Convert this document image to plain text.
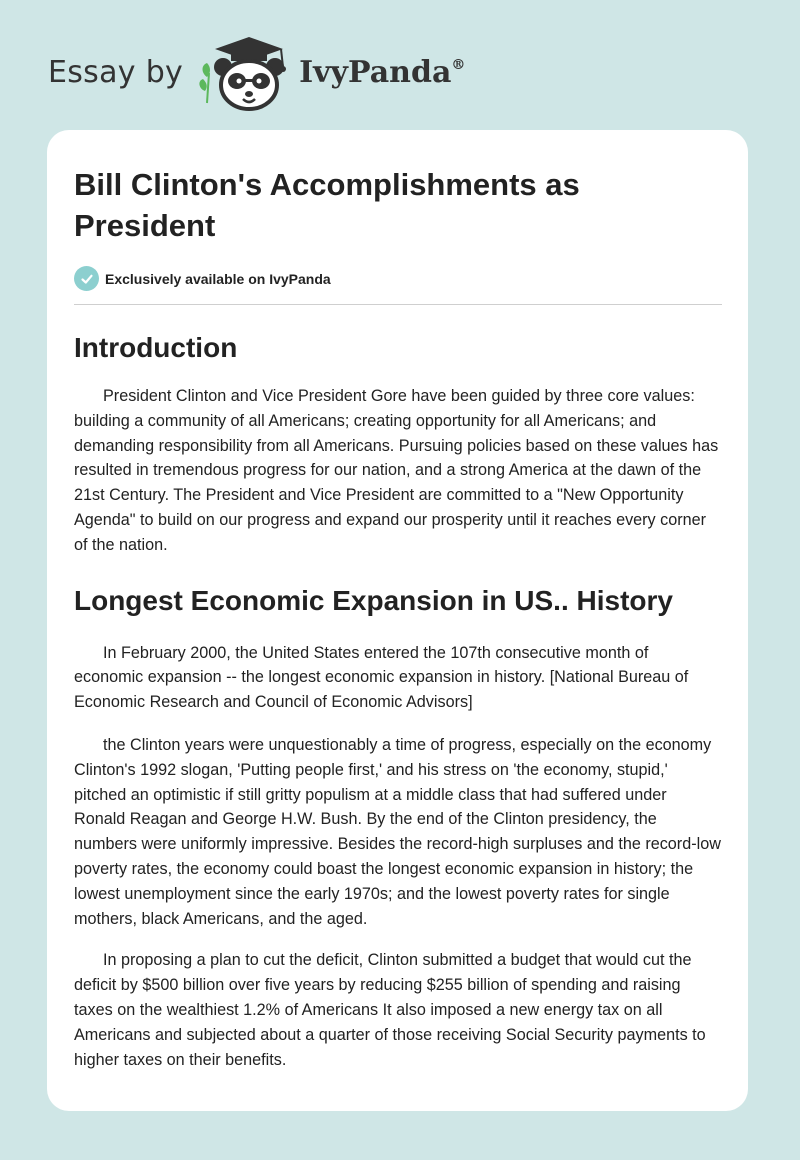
Essay by	IvyPanda®
Bill Clinton's Accomplishments as President
Exclusively available on IvyPanda
Introduction

President Clinton and Vice President Gore have been guided by three core values: building a community of all Americans; creating opportunity for all Americans; and demanding responsibility from all Americans. Pursuing policies based on these values has resulted in tremendous progress for our nation, and a strong America at the dawn of the 21st Century. The President and Vice President are committed to a "New Opportunity Agenda" to build on our progress and expand our prosperity until it reaches every corner of the nation.

Longest Economic Expansion in US.. History

In February 2000, the United States entered the 107th consecutive month of economic expansion -- the longest economic expansion in history. [National Bureau of Economic Research and Council of Economic Advisors]

the Clinton years were unquestionably a time of progress, especially on the economy Clinton's 1992 slogan, 'Putting people first,' and his stress on 'the economy, stupid,' pitched an optimistic if still gritty populism at a middle class that had suffered under Ronald Reagan and George H.W. Bush. By the end of the Clinton presidency, the numbers were uniformly impressive. Besides the record-high surpluses and the record-low poverty rates, the economy could boast the longest economic expansion in history; the lowest unemployment since the early 1970s; and the lowest poverty rates for single mothers, black Americans, and the aged.

In proposing a plan to cut the deficit, Clinton submitted a budget that would cut the deficit by $500 billion over five years by reducing $255 billion of spending and raising taxes on the wealthiest 1.2% of Americans It also imposed a new energy tax on all Americans and subjected about a quarter of those receiving Social Security payments to higher taxes on their benefits.
